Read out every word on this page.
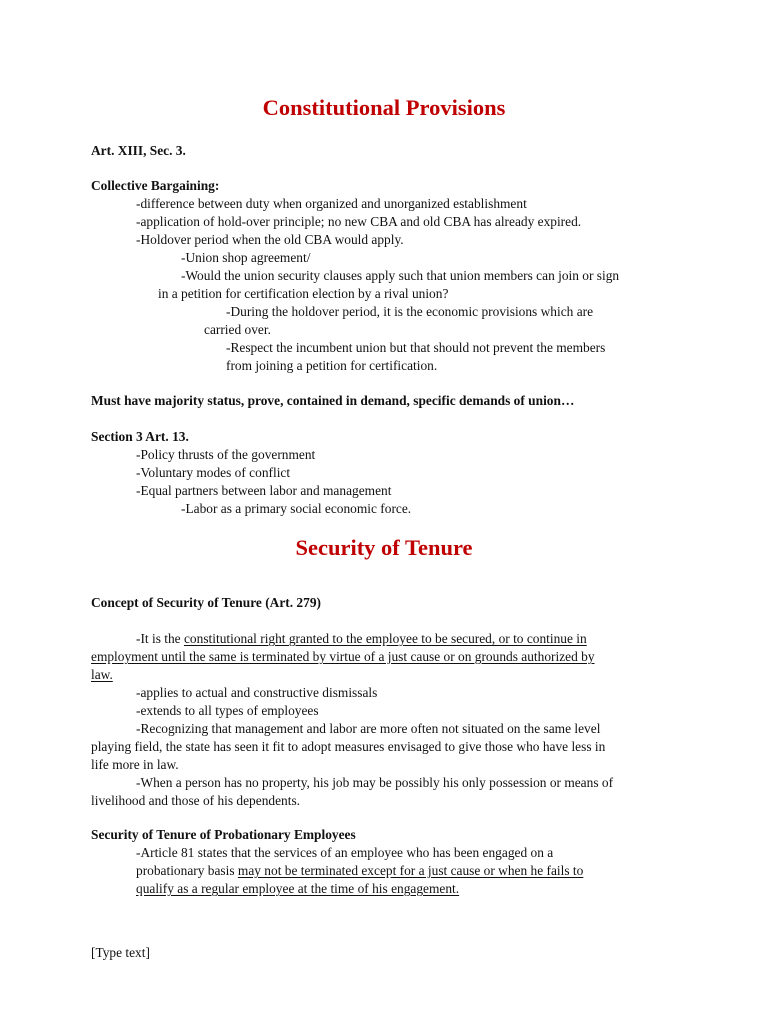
Constitutional Provisions
Art. XIII, Sec. 3.
Collective Bargaining:
-difference between duty when organized and unorganized establishment
-application of hold-over principle; no new CBA and old CBA has already expired.
-Holdover period when the old CBA would apply.
-Union shop agreement/
-Would the union security clauses apply such that union members can join or sign
in a petition for certification election by a rival union?
-During the holdover period, it is the economic provisions which are
carried over.
-Respect the incumbent union but that should not prevent the members
from joining a petition for certification.
Must have majority status, prove, contained in demand, specific demands of union…
Section 3 Art. 13.
-Policy thrusts of the government
-Voluntary modes of conflict
-Equal partners between labor and management
-Labor as a primary social economic force.
Security of Tenure
Concept of Security of Tenure (Art. 279)
-It is the constitutional right granted to the employee to be secured, or to continue in
employment until the same is terminated by virtue of a just cause or on grounds authorized by
law.
-applies to actual and constructive dismissals
-extends to all types of employees
-Recognizing that management and labor are more often not situated on the same level
playing field, the state has seen it fit to adopt measures envisaged to give those who have less in
life more in law.
-When a person has no property, his job may be possibly his only possession or means of
livelihood and those of his dependents.
Security of Tenure of Probationary Employees
-Article 81 states that the services of an employee who has been engaged on a
probationary basis may not be terminated except for a just cause or when he fails to
qualify as a regular employee at the time of his engagement.
[Type text]
